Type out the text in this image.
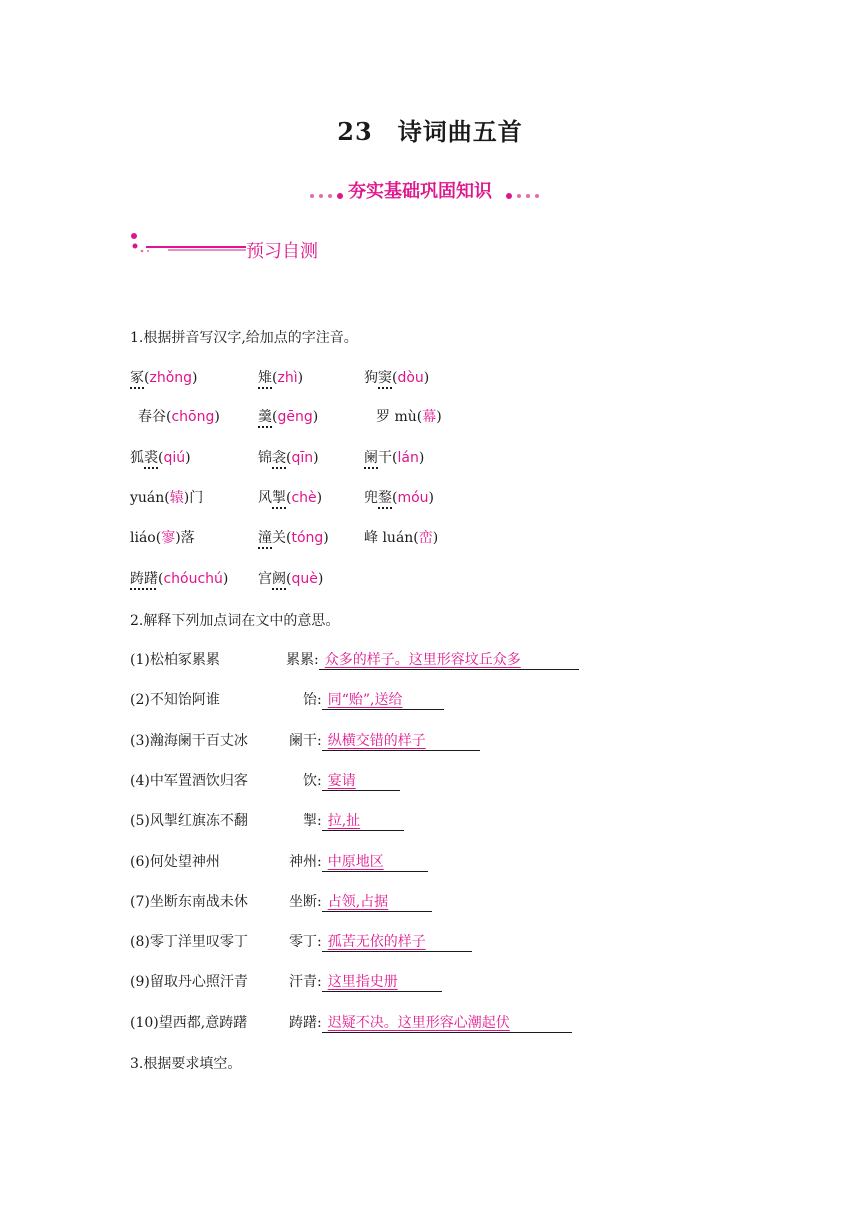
23　诗词曲五首
夯实基础巩固知识
预习自测
1.根据拼音写汉字,给加点的字注音。
冢(zhǒng)	雉(zhì)	狗窦(dòu)
春谷(chōng)	羹(gēng)	罗 mù(幕)
狐裘(qiú)	锦衾(qīn)	阑干(lán)
yuán(辕)门	风掣(chè)	兜鍪(móu)
liáo(寥)落	潼关(tóng)	峰 luán(峦)
踌躇(chóuchú) 宫阙(què)
2.解释下列加点词在文中的意思。
(1)松柏冢累累	累累: 众多的样子。这里形容坟丘众多
(2)不知饴阿谁	饴: 同“贻”,送给
(3)瀚海阑干百丈冰	阑干: 纵横交错的样子
(4)中军置酒饮归客	饮: 宴请
(5)风掣红旗冻不翻	掣: 拉,扯
(6)何处望神州	神州: 中原地区
(7)坐断东南战未休	坐断: 占领,占据
(8)零丁洋里叹零丁	零丁: 孤苦无依的样子
(9)留取丹心照汗青	汗青: 这里指史册
(10)望西都,意踌躇	踌躇: 迟疑不决。这里形容心潮起伏
3.根据要求填空。
